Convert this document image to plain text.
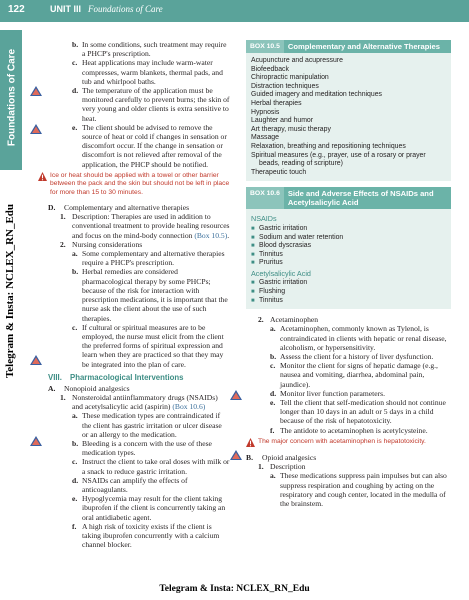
122	UNIT III Foundations of Care
Foundations of Care
Telegram & Insta: NCLEX_RN_Edu
b. In some conditions, such treatment may require a PHCP's prescription.
c. Heat applications may include warm-water compresses, warm blankets, thermal pads, and tub and whirlpool baths.
d. The temperature of the application must be monitored carefully to prevent burns; the skin of very young and older clients is extra sensitive to heat.
e. The client should be advised to remove the source of heat or cold if changes in sensation or discomfort occur. If the change in sensation or discomfort is not relieved after removal of the application, the PHCP should be notified.
Ice or heat should be applied with a towel or other barrier between the pack and the skin but should not be left in place for more than 15 to 30 minutes.
D.	Complementary and alternative therapies
1. Description: Therapies are used in addition to conventional treatment to provide healing resources and focus on the mind-body connection (Box 10.5).
2. Nursing considerations
a. Some complementary and alternative therapies require a PHCP's prescription.
b. Herbal remedies are considered pharmacological therapy by some PHCPs; because of the risk for interaction with prescription medications, it is important that the nurse ask the client about the use of such therapies.
c. If cultural or spiritual measures are to be employed, the nurse must elicit from the client the preferred forms of spiritual expression and learn when they are practiced so that they may be integrated into the plan of care.
VIII.	Pharmacological Interventions
A.	Nonopioid analgesics
1. Nonsteroidal antiinflammatory drugs (NSAIDs) and acetylsalicylic acid (aspirin) (Box 10.6)
a. These medication types are contraindicated if the client has gastric irritation or ulcer disease or an allergy to the medication.
b. Bleeding is a concern with the use of these medication types.
c. Instruct the client to take oral doses with milk or a snack to reduce gastric irritation.
d. NSAIDs can amplify the effects of anticoagulants.
e. Hypoglycemia may result for the client taking ibuprofen if the client is concurrently taking an oral antidiabetic agent.
f. A high risk of toxicity exists if the client is taking ibuprofen concurrently with a calcium channel blocker.
BOX 10.5	Complementary and Alternative Therapies
Acupuncture and acupressure
Biofeedback
Chiropractic manipulation
Distraction techniques
Guided imagery and meditation techniques
Herbal therapies
Hypnosis
Laughter and humor
Art therapy, music therapy
Massage
Relaxation, breathing and repositioning techniques
Spiritual measures (e.g., prayer, use of a rosary or prayer beads, reading of scripture)
Therapeutic touch
BOX 10.6	Side and Adverse Effects of NSAIDs and Acetylsalicylic Acid
NSAIDs
■ Gastric irritation
■ Sodium and water retention
■ Blood dyscrasias
■ Tinnitus
■ Pruritus
Acetylsalicylic Acid
■ Gastric irritation
■ Flushing
■ Tinnitus
2. Acetaminophen
a. Acetaminophen, commonly known as Tylenol, is contraindicated in clients with hepatic or renal disease, alcoholism, or hypersensitivity.
b. Assess the client for a history of liver dysfunction.
c. Monitor the client for signs of hepatic damage (e.g., nausea and vomiting, diarrhea, abdominal pain, jaundice).
d. Monitor liver function parameters.
e. Tell the client that self-medication should not continue longer than 10 days in an adult or 5 days in a child because of the risk of hepatotoxicity.
f. The antidote to acetaminophen is acetylcysteine.
The major concern with acetaminophen is hepatotoxicity.
B.	Opioid analgesics
1. Description
a. These medications suppress pain impulses but can also suppress respiration and coughing by acting on the respiratory and cough center, located in the medulla of the brainstem.
Telegram & Insta: NCLEX_RN_Edu
